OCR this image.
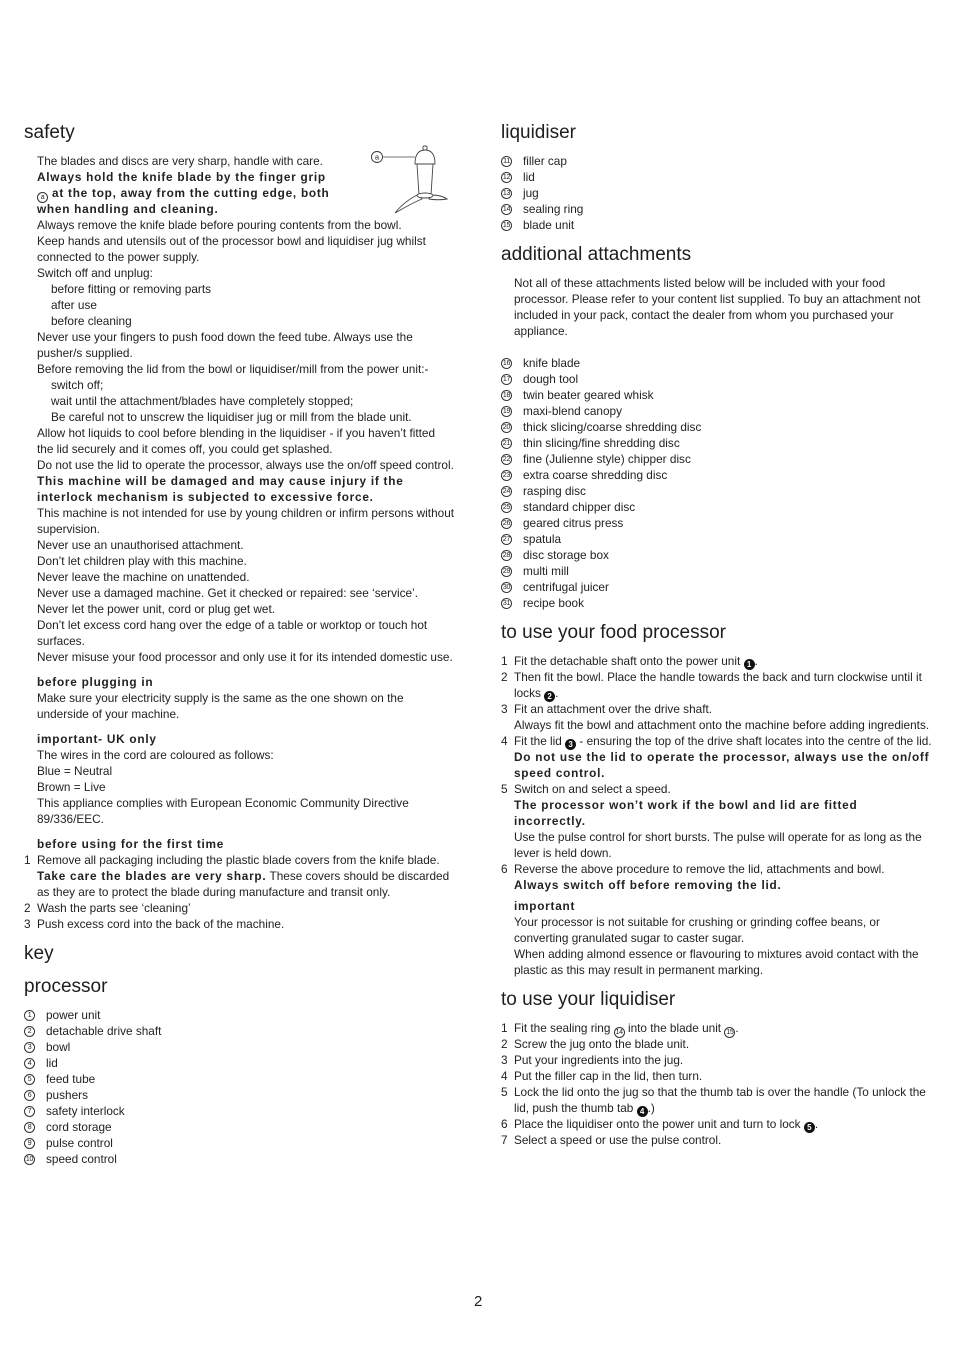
safety
The blades and discs are very sharp, handle with care.
Always hold the knife blade by the finger grip
a at the top, away from the cutting edge, both
when handling and cleaning.
Always remove the knife blade before pouring contents from the bowl.
Keep hands and utensils out of the processor bowl and liquidiser jug whilst
connected to the power supply.
Switch off and unplug:
before fitting or removing parts
after use
before cleaning
Never use your fingers to push food down the feed tube. Always use the
pusher/s supplied.
Before removing the lid from the bowl or liquidiser/mill from the power unit:-
switch off;
wait until the attachment/blades have completely stopped;
Be careful not to unscrew the liquidiser jug or mill from the blade unit.
Allow hot liquids to cool before blending in the liquidiser - if you haven’t fitted
the lid securely and it comes off, you could get splashed.
Do not use the lid to operate the processor, always use the on/off speed control.
This machine will be damaged and may cause injury if the
interlock mechanism is subjected to excessive force.
This machine is not intended for use by young children or infirm persons without
supervision.
Never use an unauthorised attachment.
Don’t let children play with this machine.
Never leave the machine on unattended.
Never use a damaged machine. Get it checked or repaired: see ‘service’.
Never let the power unit, cord or plug get wet.
Don’t let excess cord hang over the edge of a table or worktop or touch hot
surfaces.
Never misuse your food processor and only use it for its intended domestic use.
before plugging in
Make sure your electricity supply is the same as the one shown on the
underside of your machine.
important- UK only
The wires in the cord are coloured as follows:
Blue = Neutral
Brown = Live
This appliance complies with European Economic Community Directive
89/336/EEC.
before using for the first time
1 Remove all packaging including the plastic blade covers from the knife blade.
Take care the blades are very sharp. These covers should be discarded
as they are to protect the blade during manufacture and transit only.
2 Wash the parts see ‘cleaning’
3 Push excess cord into the back of the machine.
key
processor
1	power unit
2	detachable drive shaft
3	bowl
4	lid
5	feed tube
6	pushers
7	safety interlock
8	cord storage
9	pulse control
10 speed control
liquidiser
11 filler cap
12 lid
13 jug
14 sealing ring
15 blade unit
additional attachments
Not all of these attachments listed below will be included with your food
processor. Please refer to your content list supplied. To buy an attachment not
included in your pack, contact the dealer from whom you purchased your
appliance.
16 knife blade
17 dough tool
18 twin beater geared whisk
19 maxi-blend canopy
20 thick slicing/coarse shredding disc
21 thin slicing/fine shredding disc
22 fine (Julienne style) chipper disc
23 extra coarse shredding disc
24 rasping disc
25 standard chipper disc
26 geared citrus press
27 spatula
28 disc storage box
29 multi mill
30 centrifugal juicer
31 recipe book
to use your food processor
1 Fit the detachable shaft onto the power unit 1 .
2 Then fit the bowl. Place the handle towards the back and turn clockwise until it
locks 2 .
3 Fit an attachment over the drive shaft.
Always fit the bowl and attachment onto the machine before adding ingredients.
4 Fit the lid 3 - ensuring the top of the drive shaft locates into the centre of the lid.
Do not use the lid to operate the processor, always use the on/off
speed control.
5 Switch on and select a speed.
The processor won’t work if the bowl and lid are fitted
incorrectly.
Use the pulse control for short bursts. The pulse will operate for as long as the
lever is held down.
6 Reverse the above procedure to remove the lid, attachments and bowl.
Always switch off before removing the lid.
important
Your processor is not suitable for crushing or grinding coffee beans, or
converting granulated sugar to caster sugar.
When adding almond essence or flavouring to mixtures avoid contact with the
plastic as this may result in permanent marking.
to use your liquidiser
1 Fit the sealing ring 14 into the blade unit 15 .
2 Screw the jug onto the blade unit.
3 Put your ingredients into the jug.
4 Put the filler cap in the lid, then turn.
5 Lock the lid onto the jug so that the thumb tab is over the handle (To unlock the
lid, push the thumb tab 4 .)
6 Place the liquidiser onto the power unit and turn to lock 5 .
7 Select a speed or use the pulse control.
a
2
